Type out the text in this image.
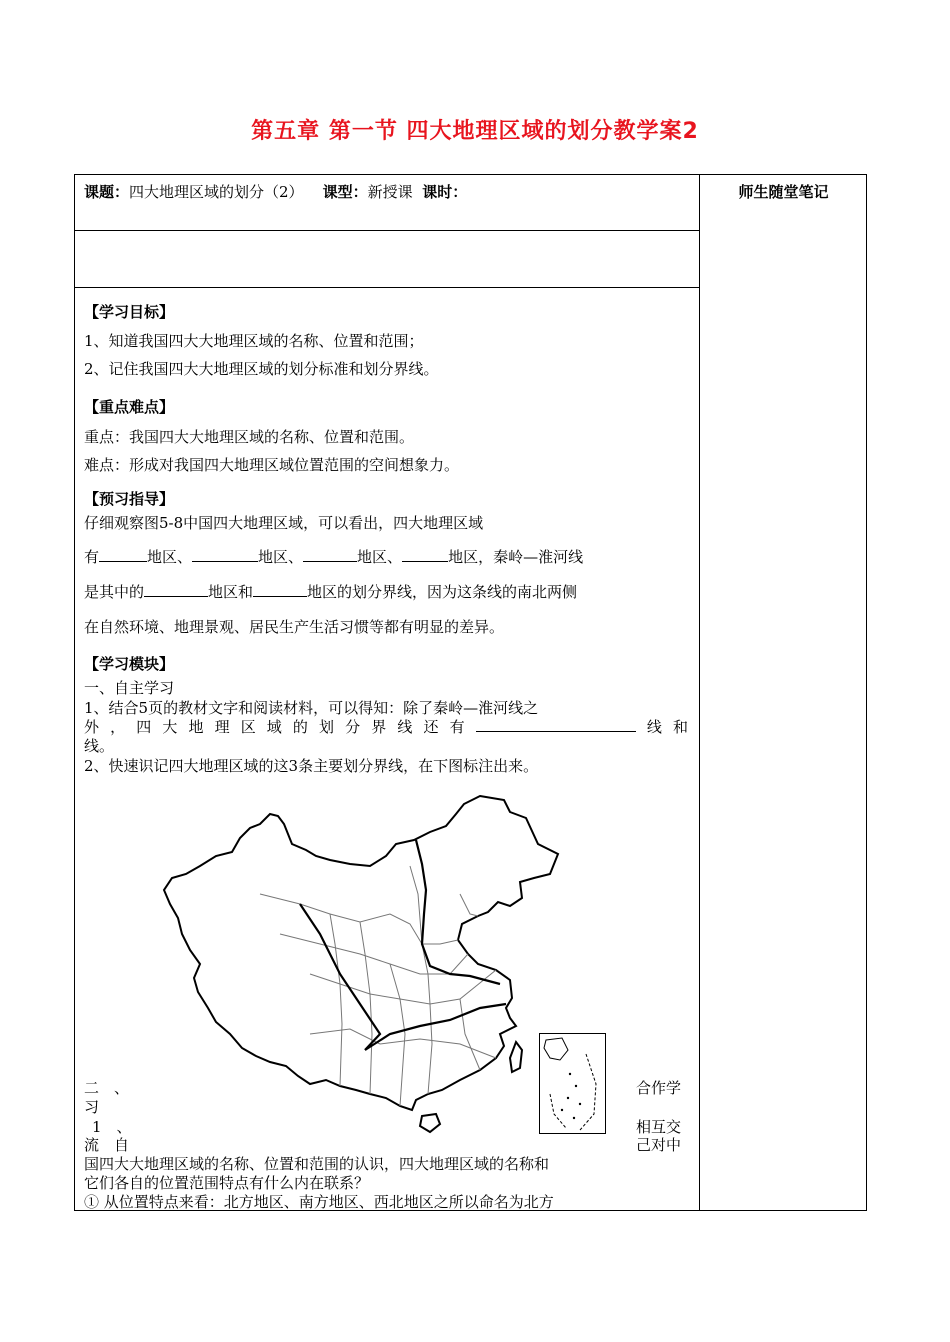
第五章 第一节 四大地理区域的划分教学案2
师生随堂笔记
课题：四大地理区域的划分（2） 课型：新授课 课时：
【学习目标】
1、知道我国四大大地理区域的名称、位置和范围；
2、记住我国四大大地理区域的划分标准和划分界线。
【重点难点】
重点：我国四大大地理区域的名称、位置和范围。
难点：形成对我国四大地理区域位置范围的空间想象力。
【预习指导】
仔细观察图5-8中国四大地理区域，可以看出，四大地理区域
有	地区、	地区、	地区、	地区，秦岭—淮河线
是其中的	地区和	地区的划分界线，因为这条线的南北两侧
在自然环境、地理景观、居民生产生活习惯等都有明显的差异。
【学习模块】
一、自主学习
1、结合5页的教材文字和阅读材料，可以得知：除了秦岭—淮河线之
外，四大地理区域的划分界线还有	线和
线。
2、快速识记四大地理区域的这3条主要划分界线，在下图标注出来。
二　、	合作学
习
1　、	相互交
流　自	己对中
国四大大地理区域的名称、位置和范围的认识，四大地理区域的名称和
它们各自的位置范围特点有什么内在联系？
① 从位置特点来看：北方地区、南方地区、西北地区之所以命名为北方
